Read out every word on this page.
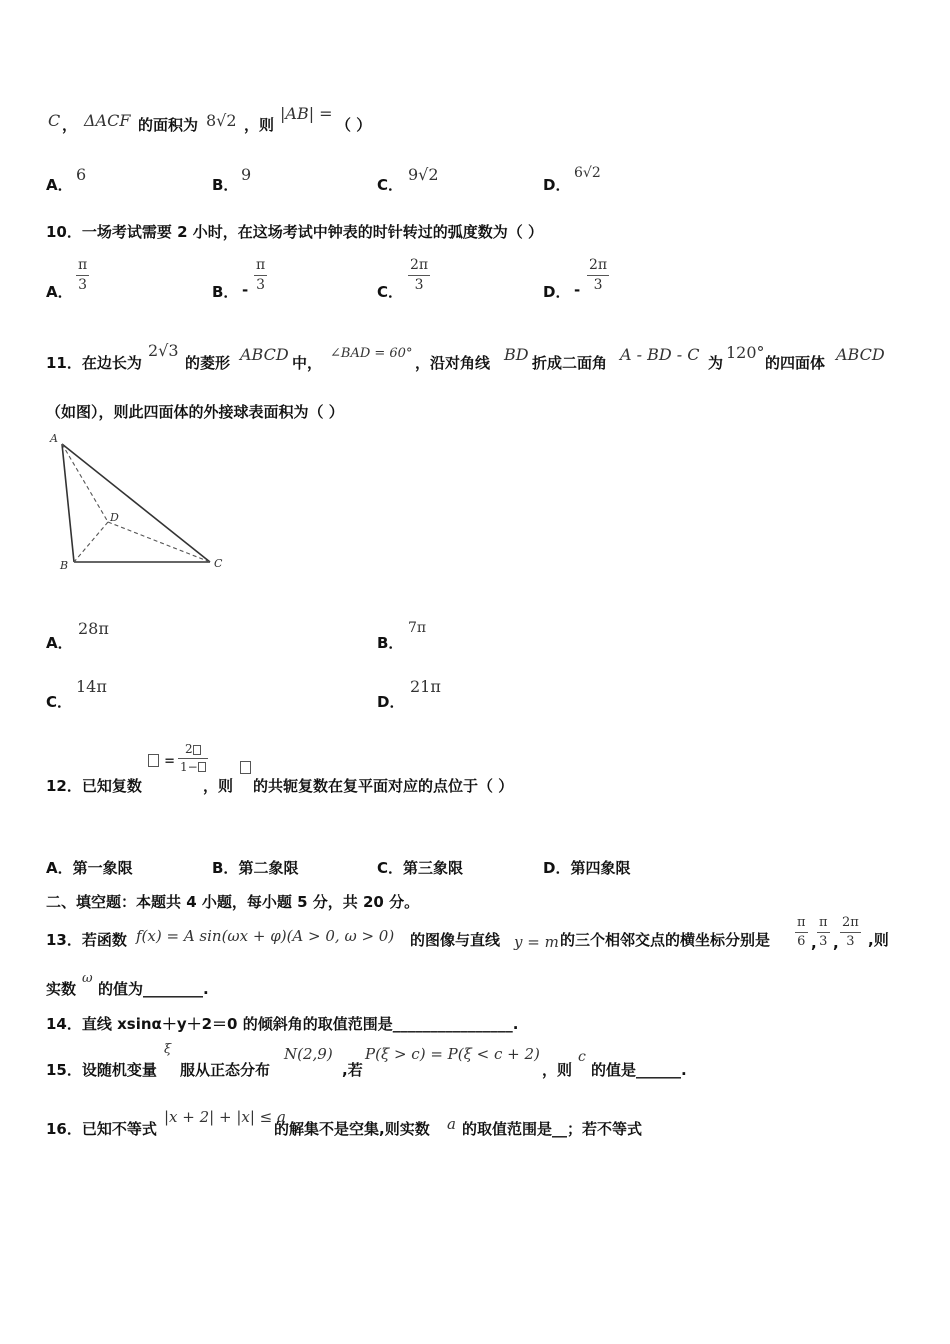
C ， ΔACF 的面积为 8√2 ，则
|AB| =
（ ）
A．
6
B．
9
C．
9√2
D．
6√2
10．一场考试需要 2 小时，在这场考试中钟表的时针转过的弧度数为（ ）
A．
π
3	B． -
π
3	C．
2π
3	D． -
2π
3
11．在边长为
2√3
的菱形 ABCD 中，
∠BAD = 60°
，沿对角线 BD 折成二面角 A - BD - C 为
120°
的四面体 ABCD
（如图），则此四面体的外接球表面积为（ ）
A
B	C
D
A．
28π
B．
7π
C．
14π
D．
21π
=
2
1−
12．已知复数	，则 的共轭复数在复平面对应的点位于（ ）
A．第一象限	B．第二象限	C．第三象限	D．第四象限
二、填空题：本题共 4 小题，每小题 5 分，共 20 分。
13．若函数 f(x) = A sin(ωx + φ)(A > 0, ω > 0) 的图像与直线 y = m 的三个相邻交点的横坐标分别是
π
6 ,
π
3 ,
2π
3 ,则
实数
ω
的值为________.
14．直线 xsinα＋y＋2＝0 的倾斜角的取值范围是________________.
15．设随机变量
ξ
服从正态分布
N(2,9)
,若
P(ξ > c) = P(ξ < c + 2)
，则
c
的值是______.
16．已知不等式
|x + 2| + |x| ≤ a
的解集不是空集,则实数 a 的取值范围是__；若不等式
